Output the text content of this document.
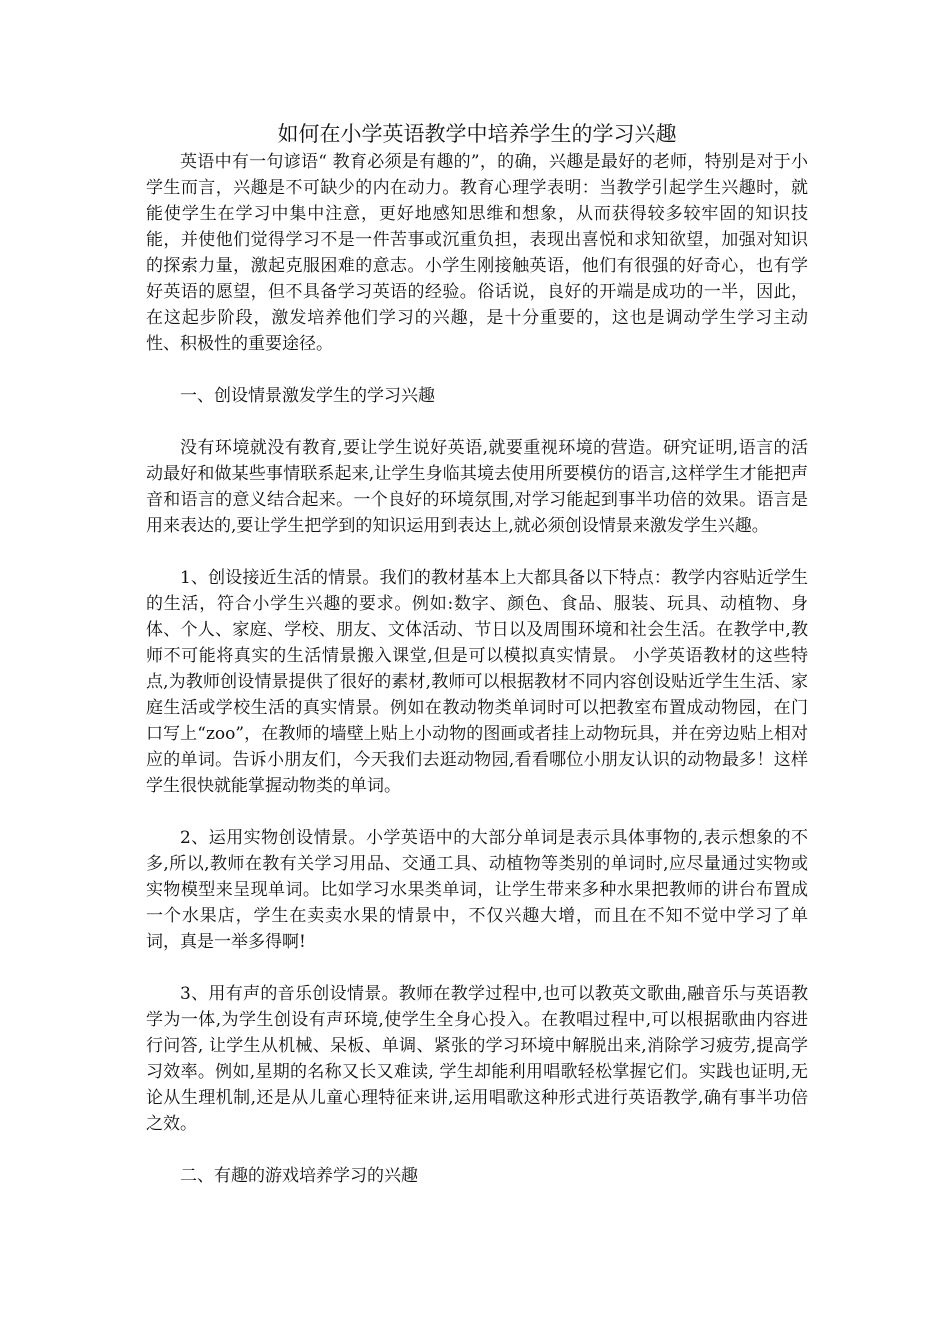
如何在小学英语教学中培养学生的学习兴趣

英语中有一句谚语“ 教育必须是有趣的”，的确，兴趣是最好的老师，特别是对于小学生而言，兴趣是不可缺少的内在动力。教育心理学表明：当教学引起学生兴趣时，就能使学生在学习中集中注意，更好地感知思维和想象，从而获得较多较牢固的知识技能，并使他们觉得学习不是一件苦事或沉重负担，表现出喜悦和求知欲望，加强对知识的探索力量，激起克服困难的意志。小学生刚接触英语，他们有很强的好奇心，也有学好英语的愿望，但不具备学习英语的经验。俗话说，良好的开端是成功的一半，因此，在这起步阶段，激发培养他们学习的兴趣，是十分重要的，这也是调动学生学习主动性、积极性的重要途径。

一、创设情景激发学生的学习兴趣

没有环境就没有教育,要让学生说好英语,就要重视环境的营造。研究证明,语言的活动最好和做某些事情联系起来,让学生身临其境去使用所要模仿的语言,这样学生才能把声音和语言的意义结合起来。一个良好的环境氛围,对学习能起到事半功倍的效果。语言是用来表达的,要让学生把学到的知识运用到表达上,就必须创设情景来激发学生兴趣。

1、创设接近生活的情景。我们的教材基本上大都具备以下特点：教学内容贴近学生的生活，符合小学生兴趣的要求。例如:数字、颜色、食品、服装、玩具、动植物、身体、个人、家庭、学校、朋友、文体活动、节日以及周围环境和社会生活。在教学中,教师不可能将真实的生活情景搬入课堂,但是可以模拟真实情景。 小学英语教材的这些特点,为教师创设情景提供了很好的素材,教师可以根据教材不同内容创设贴近学生生活、家庭生活或学校生活的真实情景。例如在教动物类单词时可以把教室布置成动物园，在门口写上“zoo”，在教师的墙壁上贴上小动物的图画或者挂上动物玩具，并在旁边贴上相对应的单词。告诉小朋友们，今天我们去逛动物园,看看哪位小朋友认识的动物最多！这样学生很快就能掌握动物类的单词。

2、运用实物创设情景。小学英语中的大部分单词是表示具体事物的,表示想象的不多,所以,教师在教有关学习用品、交通工具、动植物等类别的单词时,应尽量通过实物或实物模型来呈现单词。比如学习水果类单词，让学生带来多种水果把教师的讲台布置成一个水果店，学生在卖卖水果的情景中，不仅兴趣大增，而且在不知不觉中学习了单词，真是一举多得啊!

3、用有声的音乐创设情景。教师在教学过程中,也可以教英文歌曲,融音乐与英语教学为一体,为学生创设有声环境,使学生全身心投入。在教唱过程中,可以根据歌曲内容进行问答, 让学生从机械、呆板、单调、紧张的学习环境中解脱出来,消除学习疲劳,提高学习效率。例如,星期的名称又长又难读, 学生却能利用唱歌轻松掌握它们。实践也证明,无论从生理机制,还是从儿童心理特征来讲,运用唱歌这种形式进行英语教学,确有事半功倍之效。

二、有趣的游戏培养学习的兴趣
